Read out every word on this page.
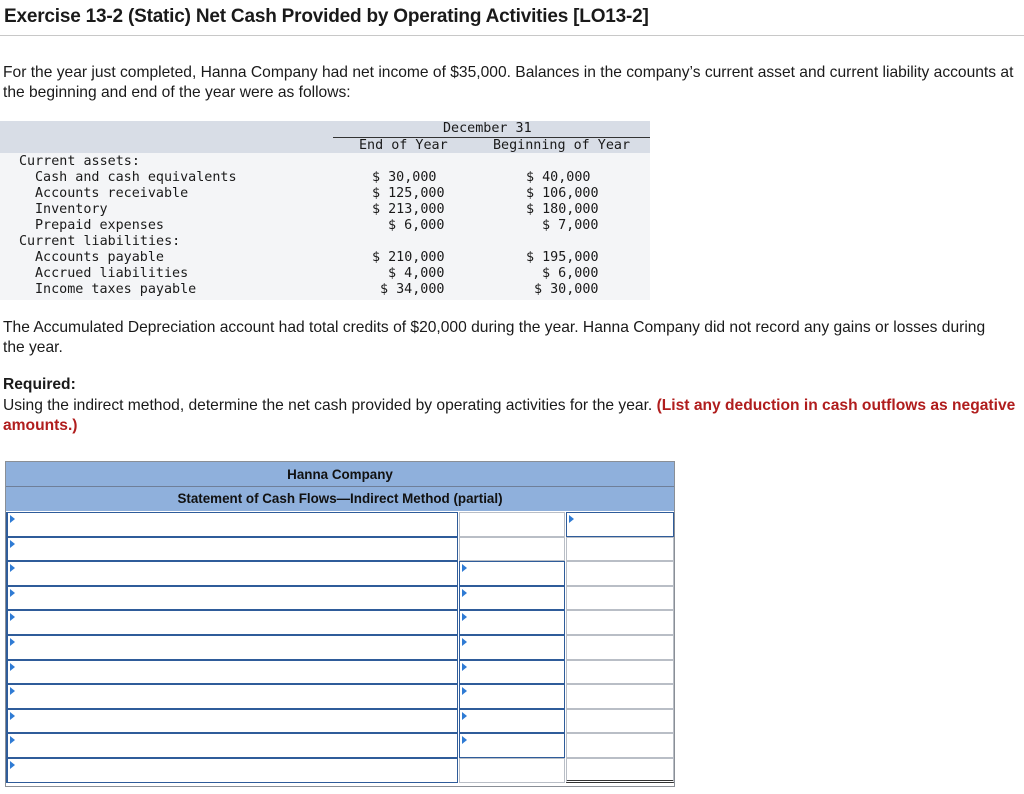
Exercise 13-2 (Static) Net Cash Provided by Operating Activities [LO13-2]

For the year just completed, Hanna Company had net income of $35,000. Balances in the company’s current asset and current liability accounts at the beginning and end of the year were as follows:

December 31
End of Year	Beginning of Year
Current assets:
Cash and cash equivalents	$ 30,000	$ 40,000
Accounts receivable	$ 125,000	$ 106,000
Inventory	$ 213,000	$ 180,000
Prepaid expenses	$ 6,000	$ 7,000
Current liabilities:
Accounts payable	$ 210,000	$ 195,000
Accrued liabilities	$ 4,000	$ 6,000
Income taxes payable	$ 34,000	$ 30,000

The Accumulated Depreciation account had total credits of $20,000 during the year. Hanna Company did not record any gains or losses during the year.

Required:

Using the indirect method, determine the net cash provided by operating activities for the year. (List any deduction in cash outflows as negative amounts.)

Hanna Company
Statement of Cash Flows—Indirect Method (partial)
